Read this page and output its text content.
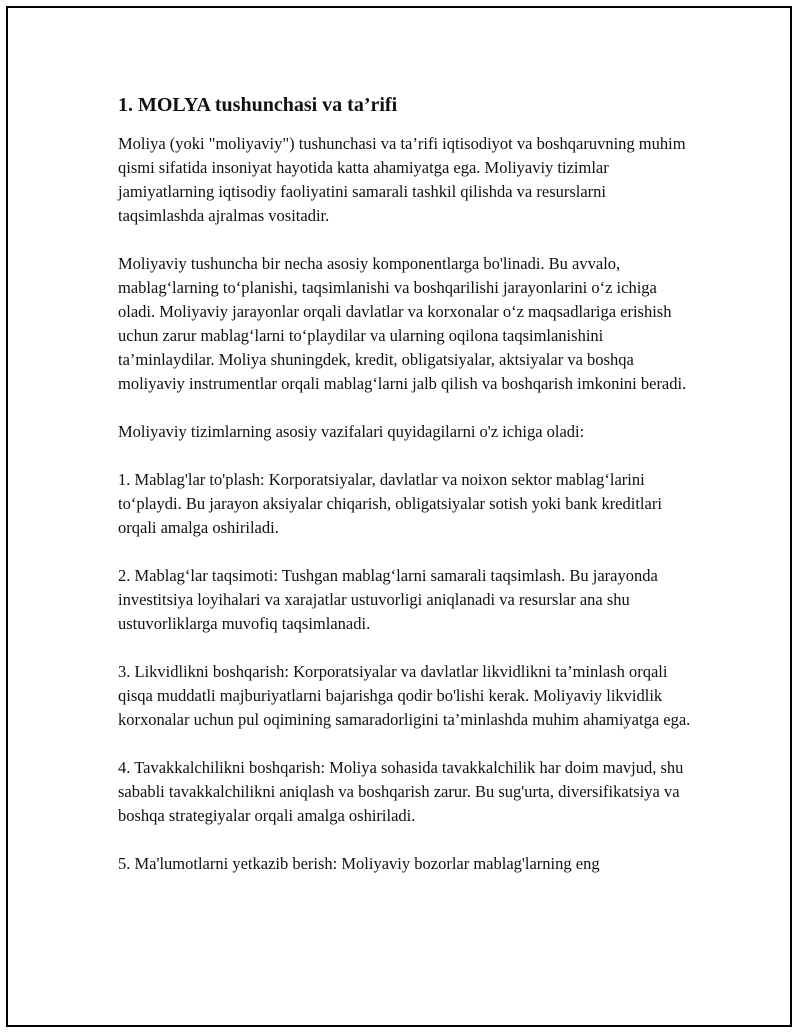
1. MOLYA tushunchasi va ta’rifi

Moliya (yoki "moliyaviy") tushunchasi va ta’rifi iqtisodiyot va boshqaruvning muhim qismi sifatida insoniyat hayotida katta ahamiyatga ega. Moliyaviy tizimlar jamiyatlarning iqtisodiy faoliyatini samarali tashkil qilishda va resurslarni taqsimlashda ajralmas vositadir.

Moliyaviy tushuncha bir necha asosiy komponentlarga bo'linadi. Bu avvalo, mablag‘larning to‘planishi, taqsimlanishi va boshqarilishi jarayonlarini o‘z ichiga oladi. Moliyaviy jarayonlar orqali davlatlar va korxonalar o‘z maqsadlariga erishish uchun zarur mablag‘larni to‘playdilar va ularning oqilona taqsimlanishini ta’minlaydilar. Moliya shuningdek, kredit, obligatsiyalar, aktsiyalar va boshqa moliyaviy instrumentlar orqali mablag‘larni jalb qilish va boshqarish imkonini beradi.

Moliyaviy tizimlarning asosiy vazifalari quyidagilarni o'z ichiga oladi:

1. Mablag'lar to'plash: Korporatsiyalar, davlatlar va noixon sektor mablag‘larini to‘playdi. Bu jarayon aksiyalar chiqarish, obligatsiyalar sotish yoki bank kreditlari orqali amalga oshiriladi.

2. Mablag‘lar taqsimoti: Tushgan mablag‘larni samarali taqsimlash. Bu jarayonda investitsiya loyihalari va xarajatlar ustuvorligi aniqlanadi va resurslar ana shu ustuvorliklarga muvofiq taqsimlanadi.

3. Likvidlikni boshqarish: Korporatsiyalar va davlatlar likvidlikni ta’minlash orqali qisqa muddatli majburiyatlarni bajarishga qodir bo'lishi kerak. Moliyaviy likvidlik korxonalar uchun pul oqimining samaradorligini ta’minlashda muhim ahamiyatga ega.

4. Tavakkalchilikni boshqarish: Moliya sohasida tavakkalchilik har doim mavjud, shu sababli tavakkalchilikni aniqlash va boshqarish zarur. Bu sug'urta, diversifikatsiya va boshqa strategiyalar orqali amalga oshiriladi.

5. Ma'lumotlarni yetkazib berish: Moliyaviy bozorlar mablag'larning eng
